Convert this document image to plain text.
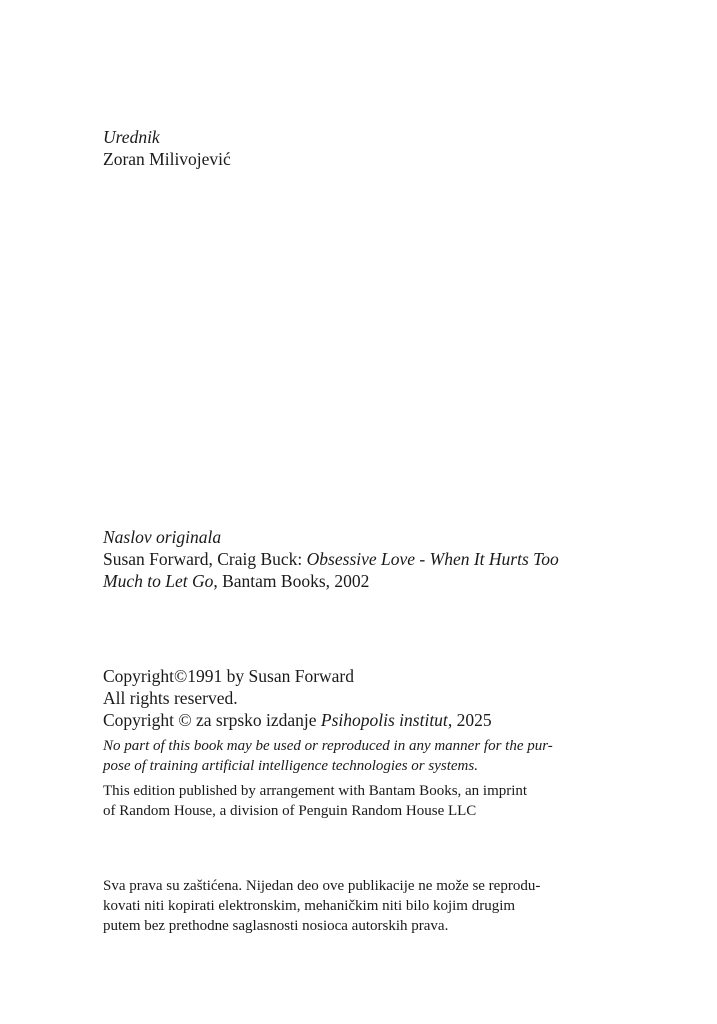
Urednik
Zoran Milivojević
Naslov originala
Susan Forward, Craig Buck: Obsessive Love - When It Hurts Too
Much to Let Go, Bantam Books, 2002
Copyright©1991 by Susan Forward
All rights reserved.
Copyright © za srpsko izdanje Psihopolis institut, 2025
No part of this book may be used or reproduced in any manner for the pur-
pose of training artificial intelligence technologies or systems.
This edition published by arrangement with Bantam Books, an imprint
of Random House, a division of Penguin Random House LLC
Sva prava su zaštićena. Nijedan deo ove publikacije ne može se reprodu-
kovati niti kopirati elektronskim, mehaničkim niti bilo kojim drugim
putem bez prethodne saglasnosti nosioca autorskih prava.
